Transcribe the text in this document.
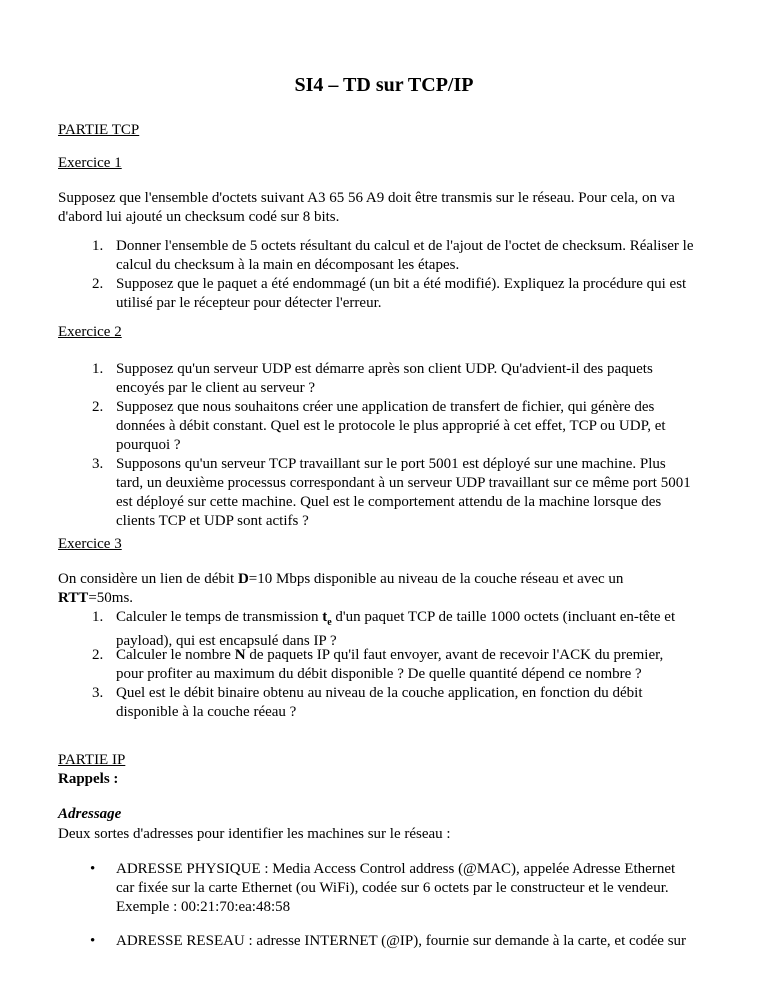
SI4 – TD sur TCP/IP
PARTIE TCP
Exercice 1
Supposez que l'ensemble d'octets suivant A3 65 56 A9 doit être transmis sur le réseau. Pour cela, on va
d'abord lui ajouté un checksum codé sur 8 bits.
1. Donner l'ensemble de 5 octets résultant du calcul et de l'ajout de l'octet de checksum. Réaliser le
calcul du checksum à la main en décomposant les étapes.
2. Supposez que le paquet a été endommagé (un bit a été modifié). Expliquez la procédure qui est
utilisé par le récepteur pour détecter l'erreur.
Exercice 2
1. Supposez qu'un serveur UDP est démarre après son client UDP. Qu'advient-il des paquets
encoyés par le client au serveur ?
2. Supposez que nous souhaitons créer une application de transfert de fichier, qui génère des
données à débit constant. Quel est le protocole le plus approprié à cet effet, TCP ou UDP, et
pourquoi ?
3. Supposons qu'un serveur TCP travaillant sur le port 5001 est déployé sur une machine. Plus
tard, un deuxième processus correspondant à un serveur UDP travaillant sur ce même port 5001
est déployé sur cette machine. Quel est le comportement attendu de la machine lorsque des
clients TCP et UDP sont actifs ?
Exercice 3
On considère un lien de débit D=10 Mbps disponible au niveau de la couche réseau et avec un
RTT=50ms.
1. Calculer le temps de transmission $t_e$ d'un paquet TCP de taille 1000 octets (incluant en-tête et
payload), qui est encapsulé dans IP ?
2. Calculer le nombre N de paquets IP qu'il faut envoyer, avant de recevoir l'ACK du premier,
pour profiter au maximum du débit disponible ? De quelle quantité dépend ce nombre ?
3. Quel est le débit binaire obtenu au niveau de la couche application, en fonction du débit
disponible à la couche réeau ?
PARTIE IP
Rappels :
Adressage
Deux sortes d'adresses pour identifier les machines sur le réseau :
• ADRESSE PHYSIQUE : Media Access Control address (@MAC), appelée Adresse Ethernet
car fixée sur la carte Ethernet (ou WiFi), codée sur 6 octets par le constructeur et le vendeur.
Exemple : 00:21:70:ea:48:58
• ADRESSE RESEAU : adresse INTERNET (@IP), fournie sur demande à la carte, et codée sur
